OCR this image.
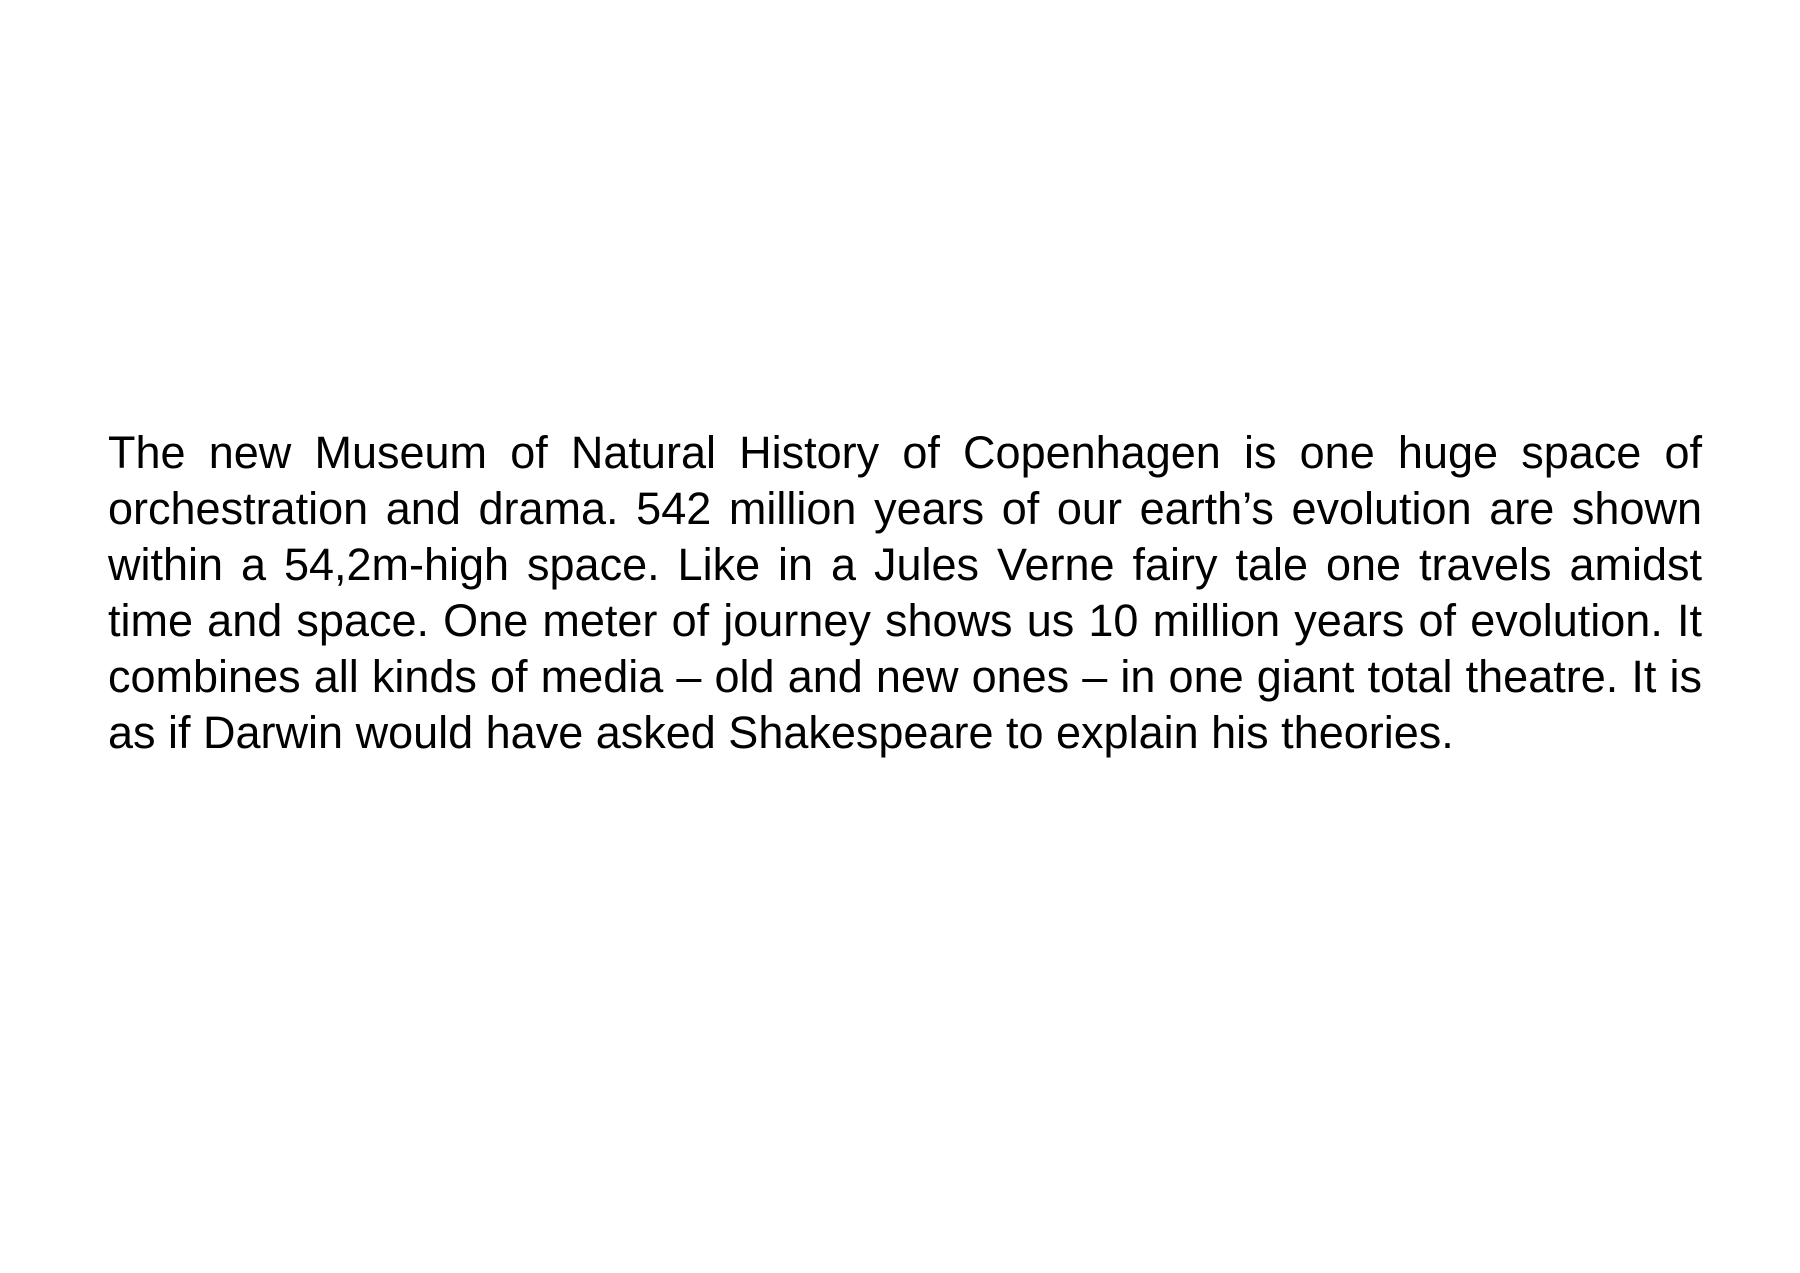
The new Museum of Natural History of Copenhagen is one huge space of orchestration and drama. 542 million years of our earth’s evolution are shown within a 54,2m-high space. Like in a Jules Verne fairy tale one travels amidst time and space. One meter of journey shows us 10 million years of evolution. It combines all kinds of media – old and new ones – in one giant total theatre. It is as if Darwin would have asked Shakespeare to explain his theories.
